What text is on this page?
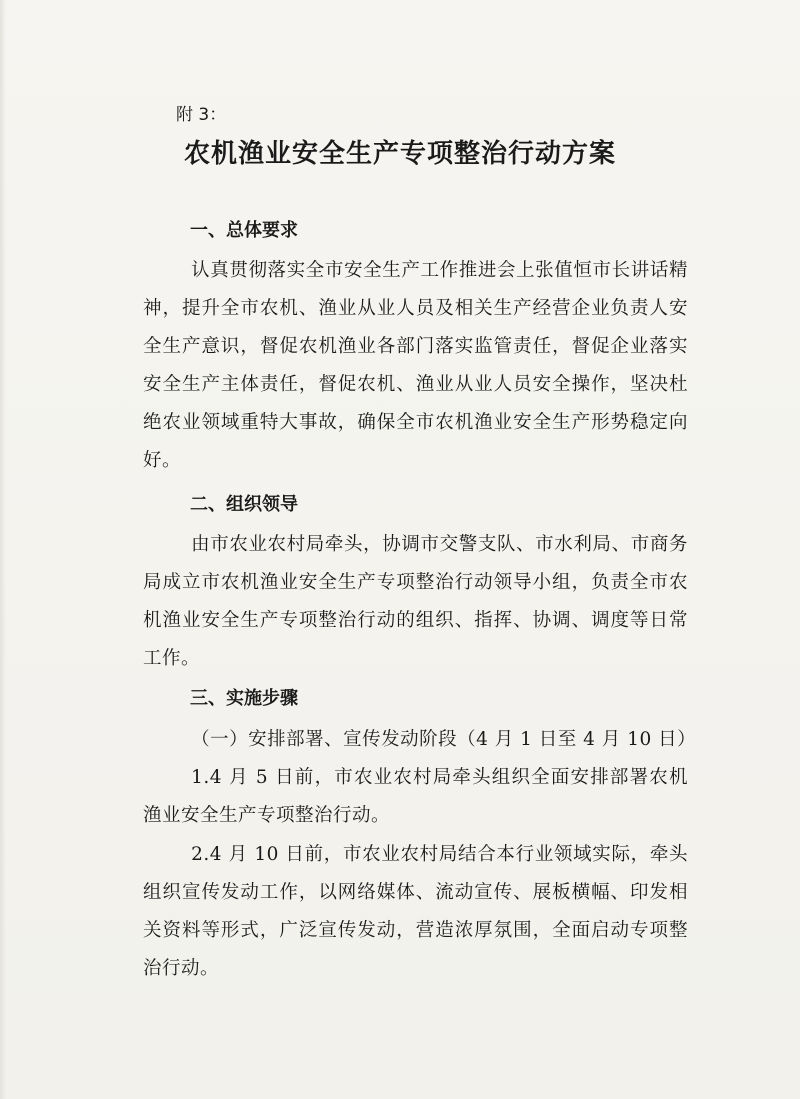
附 3：
农机渔业安全生产专项整治行动方案
一、总体要求
认真贯彻落实全市安全生产工作推进会上张值恒市长讲话精神，提升全市农机、渔业从业人员及相关生产经营企业负责人安全生产意识，督促农机渔业各部门落实监管责任，督促企业落实安全生产主体责任，督促农机、渔业从业人员安全操作，坚决杜绝农业领域重特大事故，确保全市农机渔业安全生产形势稳定向好。
二、组织领导
由市农业农村局牵头，协调市交警支队、市水利局、市商务局成立市农机渔业安全生产专项整治行动领导小组，负责全市农机渔业安全生产专项整治行动的组织、指挥、协调、调度等日常工作。
三、实施步骤
（一）安排部署、宣传发动阶段（4 月 1 日至 4 月 10 日）
1.4 月 5 日前，市农业农村局牵头组织全面安排部署农机渔业安全生产专项整治行动。
2.4 月 10 日前，市农业农村局结合本行业领域实际，牵头组织宣传发动工作，以网络媒体、流动宣传、展板横幅、印发相关资料等形式，广泛宣传发动，营造浓厚氛围，全面启动专项整治行动。
